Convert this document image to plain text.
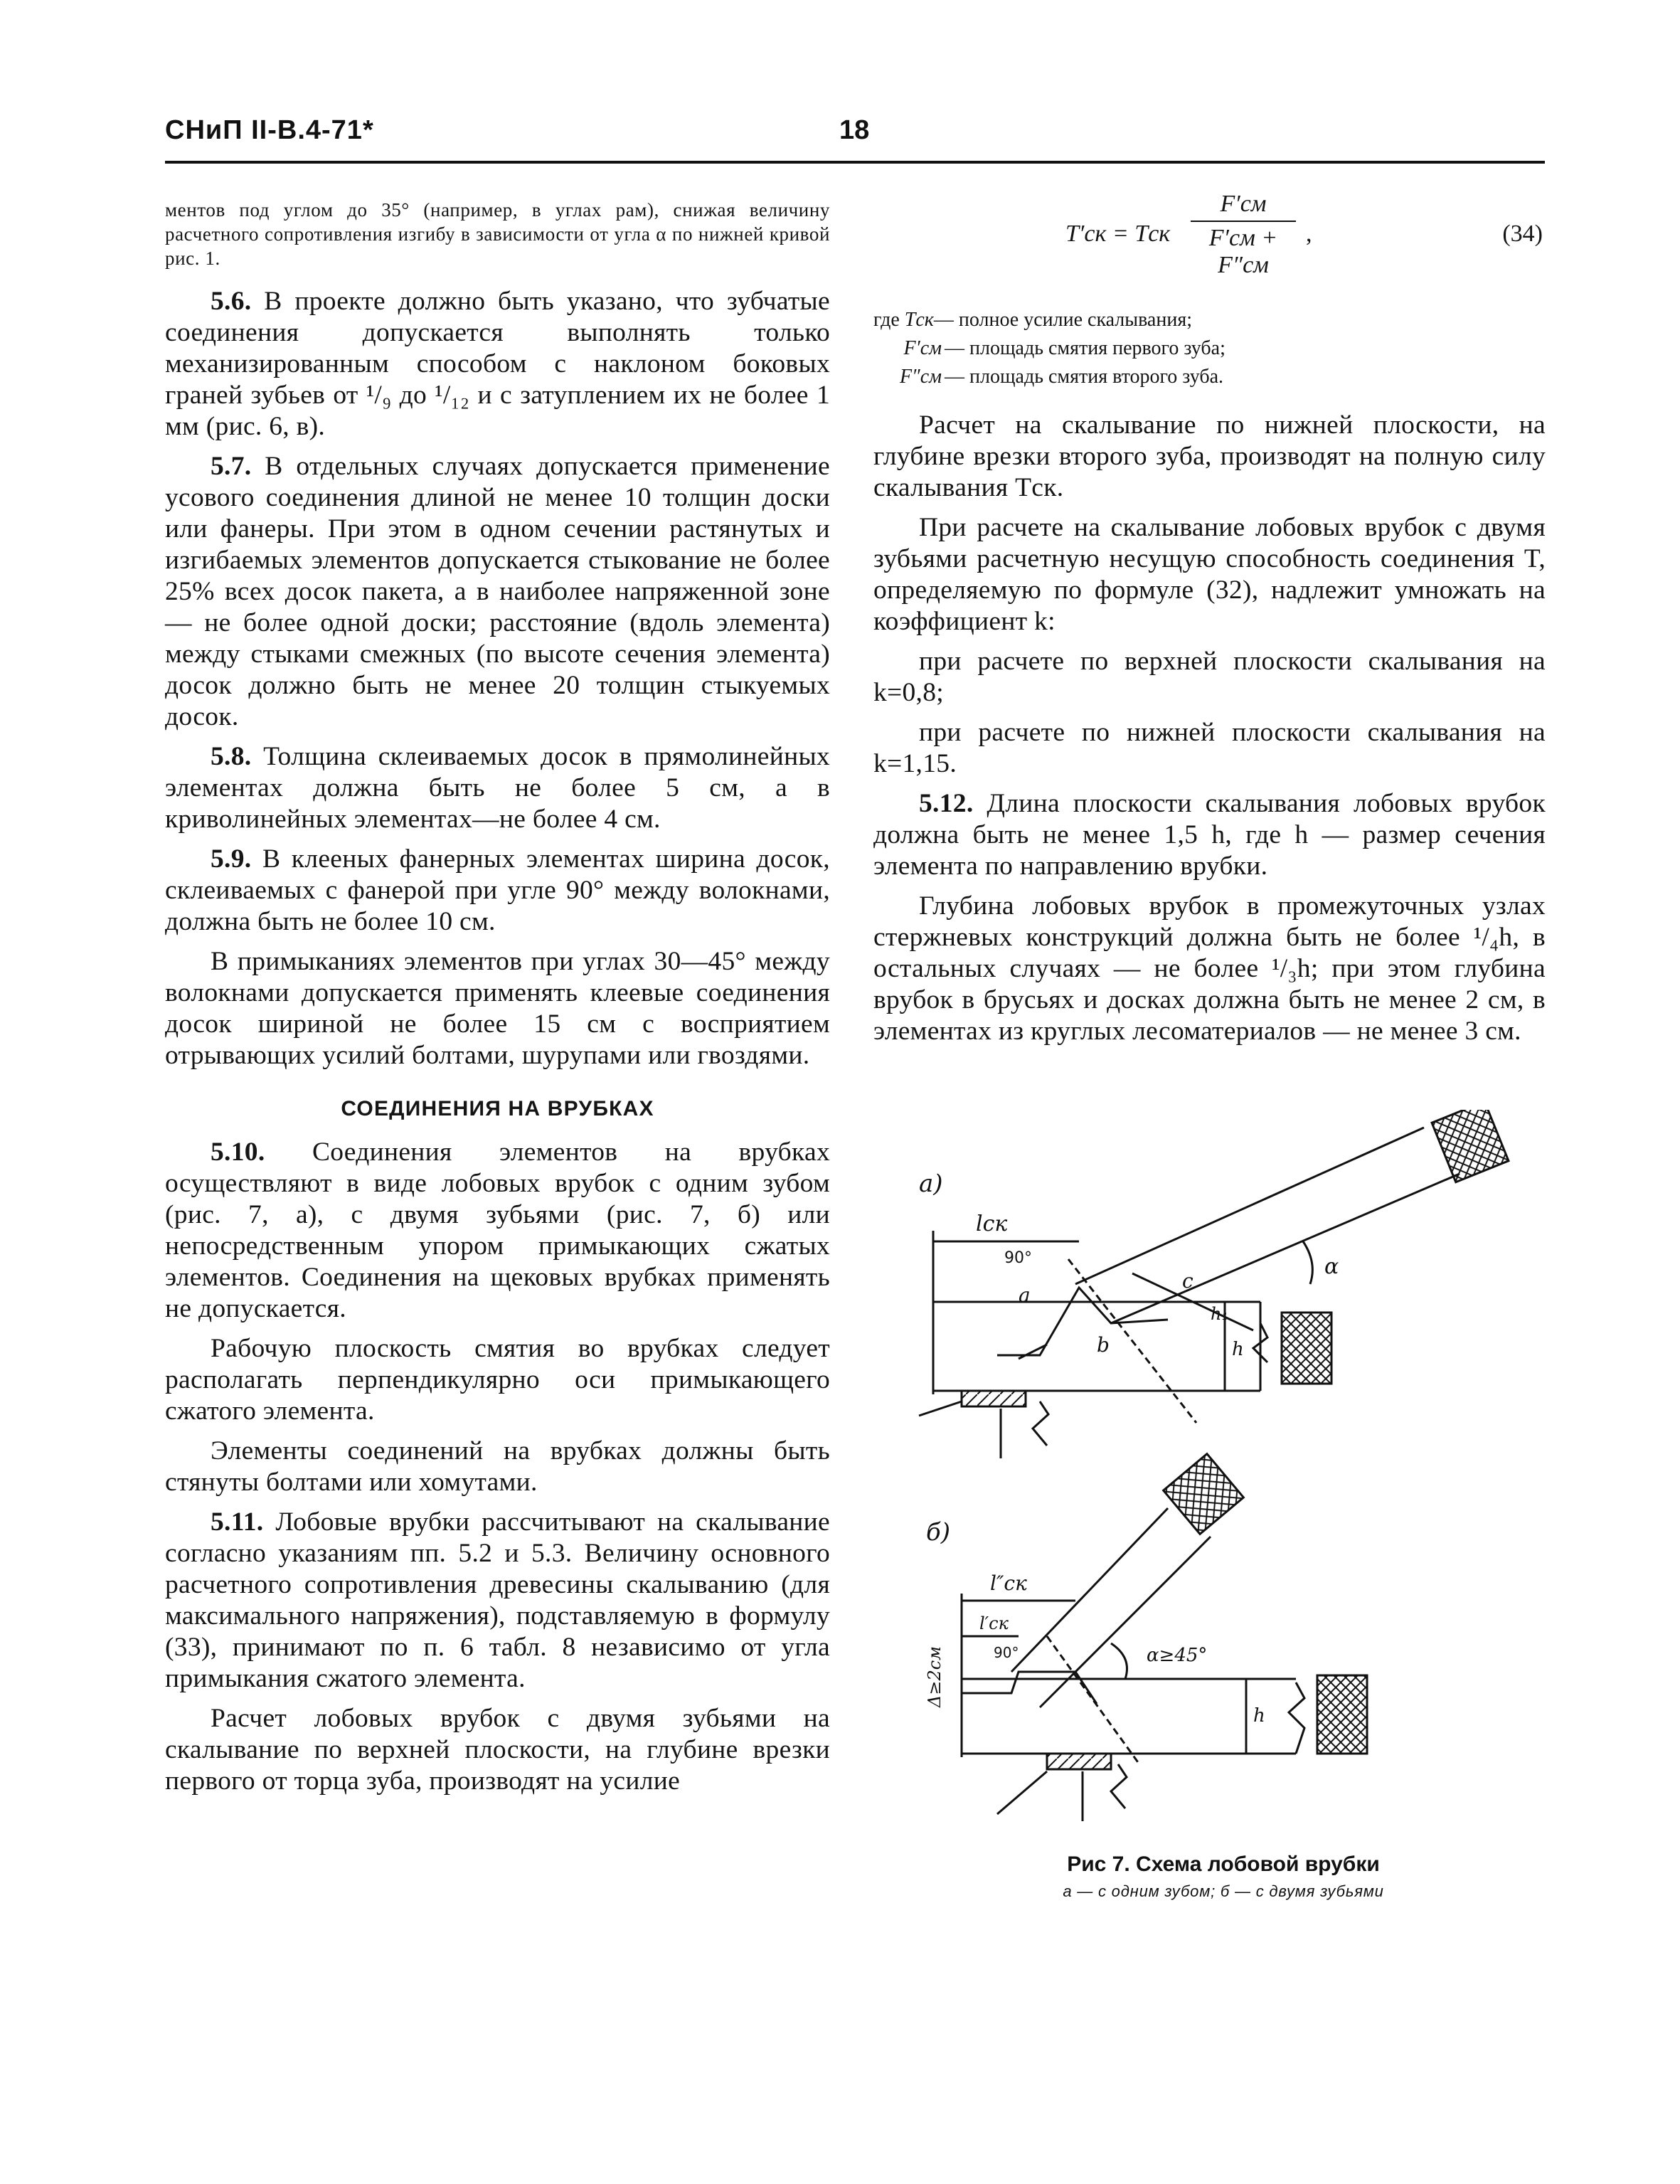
СНиП II-В.4-71*	18

ментов под углом до 35° (например, в углах рам), снижая величину расчетного сопротивления изгибу в зависимости от угла α по нижней кривой рис. 1.

5.6. В проекте должно быть указано, что зубчатые соединения допускается выполнять только механизированным способом с наклоном боковых граней зубьев от ¹/₉ до ¹/₁₂ и с затуплением их не более 1 мм (рис. 6, в).

5.7. В отдельных случаях допускается применение усового соединения длиной не менее 10 толщин доски или фанеры. При этом в одном сечении растянутых и изгибаемых элементов допускается стыкование не более 25% всех досок пакета, а в наиболее напряженной зоне — не более одной доски; расстояние (вдоль элемента) между стыками смежных (по высоте сечения элемента) досок должно быть не менее 20 толщин стыкуемых досок.

5.8. Толщина склеиваемых досок в прямолинейных элементах должна быть не более 5 см, а в криволинейных элементах—не более 4 см.

5.9. В клееных фанерных элементах ширина досок, склеиваемых с фанерой при угле 90° между волокнами, должна быть не более 10 см.

В примыканиях элементов при углах 30—45° между волокнами допускается применять клеевые соединения досок шириной не более 15 см с восприятием отрывающих усилий болтами, шурупами или гвоздями.

СОЕДИНЕНИЯ НА ВРУБКАХ

5.10. Соединения элементов на врубках осуществляют в виде лобовых врубок с одним зубом (рис. 7, а), с двумя зубьями (рис. 7, б) или непосредственным упором примыкающих сжатых элементов. Соединения на щековых врубках применять не допускается.

Рабочую плоскость смятия во врубках следует располагать перпендикулярно оси примыкающего сжатого элемента.

Элементы соединений на врубках должны быть стянуты болтами или хомутами.

5.11. Лобовые врубки рассчитывают на скалывание согласно указаниям пп. 5.2 и 5.3. Величину основного расчетного сопротивления древесины скалыванию (для максимального напряжения), подставляемую в формулу (33), принимают по п. 6 табл. 8 независимо от угла примыкания сжатого элемента.

Расчет лобовых врубок с двумя зубьями на скалывание по верхней плоскости, на глубине врезки первого от торца зуба, производят на усилие

T′ск = Tск
F′см
F′см + F″см
,	(34)
где Tск— полное усилие скалывания;
F′см — площадь смятия первого зуба;
F″см — площадь смятия второго зуба.

Расчет на скалывание по нижней плоскости, на глубине врезки второго зуба, производят на полную силу скалывания Tск.

При расчете на скалывание лобовых врубок с двумя зубьями расчетную несущую способность соединения T, определяемую по формуле (32), надлежит умножать на коэффициент k:

при расчете по верхней плоскости скалывания на k=0,8;

при расчете по нижней плоскости скалывания на k=1,15.

5.12. Длина плоскости скалывания лобовых врубок должна быть не менее 1,5 h, где h — размер сечения элемента по направлению врубки.

Глубина лобовых врубок в промежуточных узлах стержневых конструкций должна быть не более ¹/₄h, в остальных случаях — не более ¹/₃h; при этом глубина врубок в брусьях и досках должна быть не менее 2 см, в элементах из круглых лесоматериалов — не менее 3 см.

а)
lск
90°
a
b
c
α
h₁
h
б)
l″ск
l′ск
90°
Δ≥2см	α≥45°
h
Рис 7. Схема лобовой врубки
а — с одним зубом; б — с двумя зубьями
